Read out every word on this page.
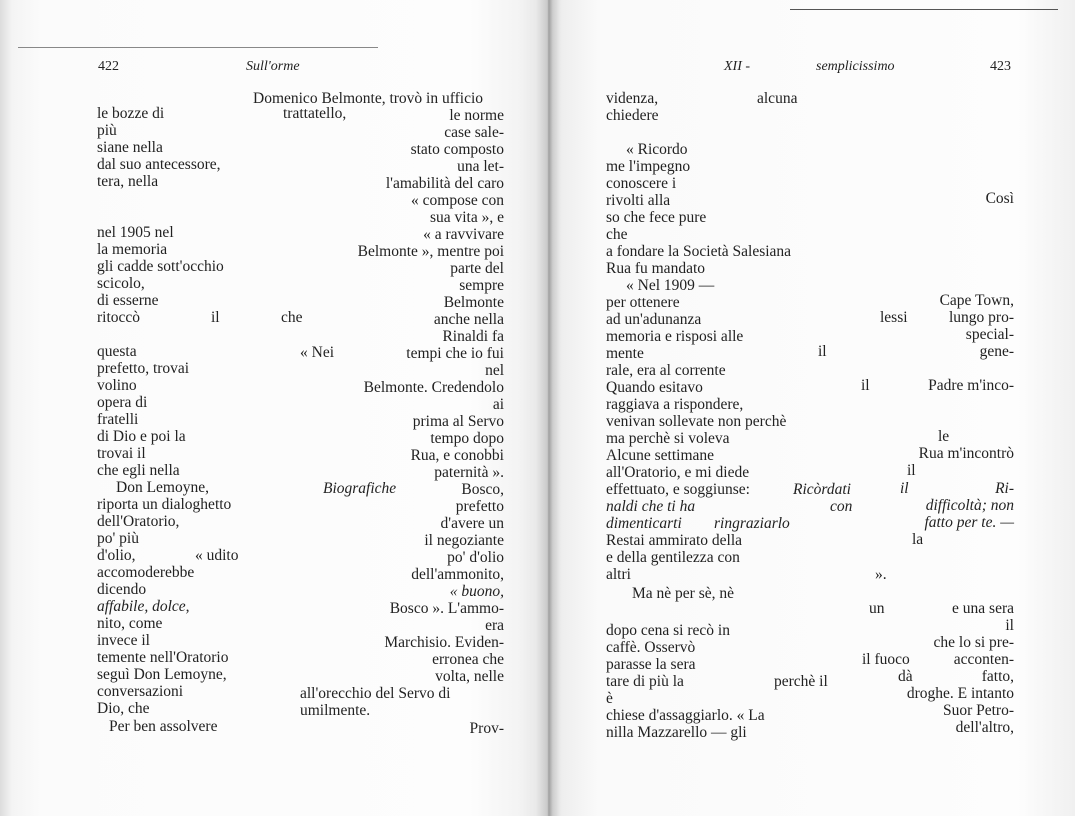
422	Sull'orme
le bozze di
più
siane nella
dal suo antecessore,
tera, nella
nel 1905 nel
la memoria
gli cadde sott'occhio
scicolo,
di esserne
ritoccò	il	che
questa	« Nei
prefetto, trovai
volino
opera di
fratelli
di Dio e poi la
trovai il
che egli nella
Don Lemoyne,	Biografiche
riporta un dialoghetto
dell'Oratorio,
po' più
d'olio,	« udito
accomoderebbe
dicendo
affabile, dolce,
nito, come
invece il
temente nell'Oratorio
seguì Don Lemoyne,
conversazioni
Dio, che
Per ben assolvere
Domenico Belmonte, trovò in ufficio
trattatello,	le norme
case sale-
stato composto
una let-
l'amabilità del caro
« compose con
sua vita », e
« a ravvivare
Belmonte », mentre poi
parte del
sempre
Belmonte
anche nella
Rinaldi fa
tempi che io fui
nel
Belmonte. Credendolo
ai
prima al Servo
tempo dopo
Rua, e conobbi
paternità ».
Bosco,
prefetto
d'avere un
il negoziante
po' d'olio
dell'ammonito,
« buono,
Bosco ». L'ammo-
era
Marchisio. Eviden-
erronea che
volta, nelle
all'orecchio del Servo di
umilmente.
Prov-
XII -	semplicissimo	423
videnza,	alcuna
chiedere
« Ricordo
me l'impegno
conoscere i
rivolti alla	Così
so che fece pure
che
a fondare la Società Salesiana
Rua fu mandato
« Nel 1909 —
per ottenere	Cape Town,
ad un'adunanza	lessi	lungo pro-
memoria e risposi alle	special-
mente	il	gene-
rale, era al corrente
Quando esitavo	il	Padre m'inco-
raggiava a rispondere,
venivan sollevate non perchè
ma perchè si voleva	le
Alcune settimane	Rua m'incontrò
all'Oratorio, e mi diede	il
effettuato, e soggiunse:	Ricòrdati	il	Ri-
naldi che ti ha	con	difficoltà; non
dimenticarti ringraziarlo	fatto per te. —
Restai ammirato della	la
e della gentilezza con
altri	».
Ma nè per sè, nè
un	e una sera
il
dopo cena si recò in
che lo si pre-
caffè. Osservò
il fuoco	acconten-
parasse la sera
dà	fatto,
tare di più la	perchè il
droghe. E intanto
è
Suor Petro-
chiese d'assaggiarlo. « La
dell'altro,
nilla Mazzarello — gli
